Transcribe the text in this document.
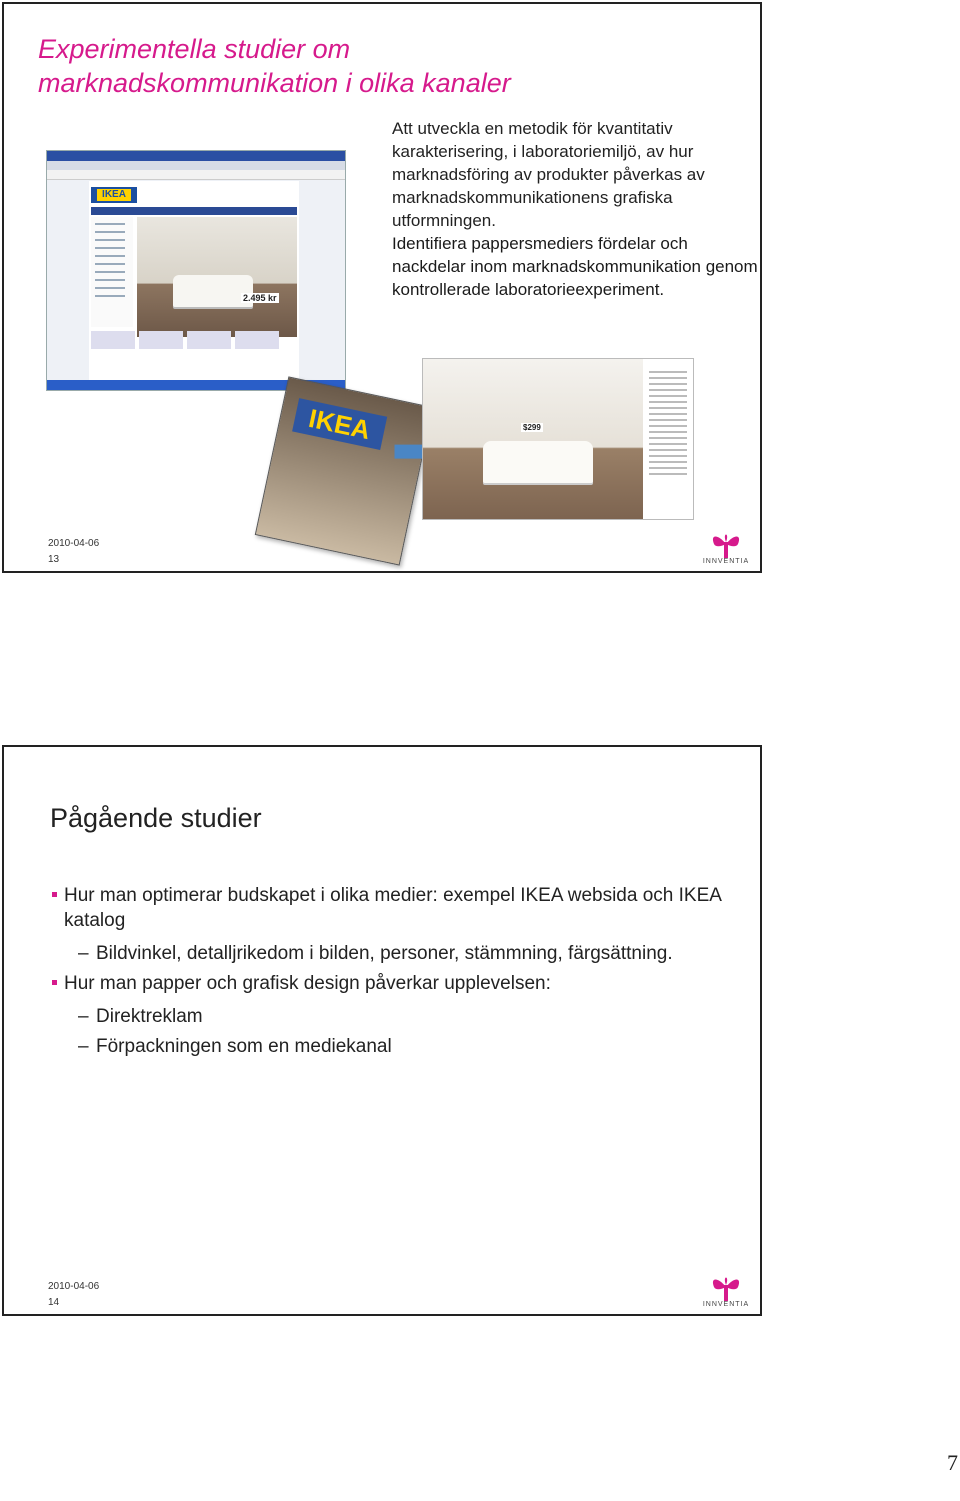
Experimentella studier om marknadskommunikation i olika kanaler
IKEA
2.495 kr

Att utveckla en metodik för kvantitativ karakterisering, i laboratoriemiljö, av hur marknadsföring av produkter påverkas av marknadskommunikationens grafiska utformningen.

Identifiera pappersmediers fördelar och nackdelar inom marknadskommunikation genom kontrollerade laboratorieexperiment.

IKEA	$299
2010-04-06
13	INNVENTIA
Pågående studier
Hur man optimerar budskapet i olika medier: exempel IKEA websida och IKEA katalog
– Bildvinkel, detalljrikedom i bilden, personer, stämmning, färgsättning.
Hur man papper och grafisk design påverkar upplevelsen:
– Direktreklam
– Förpackningen som en mediekanal
2010-04-06
14	INNVENTIA
7
